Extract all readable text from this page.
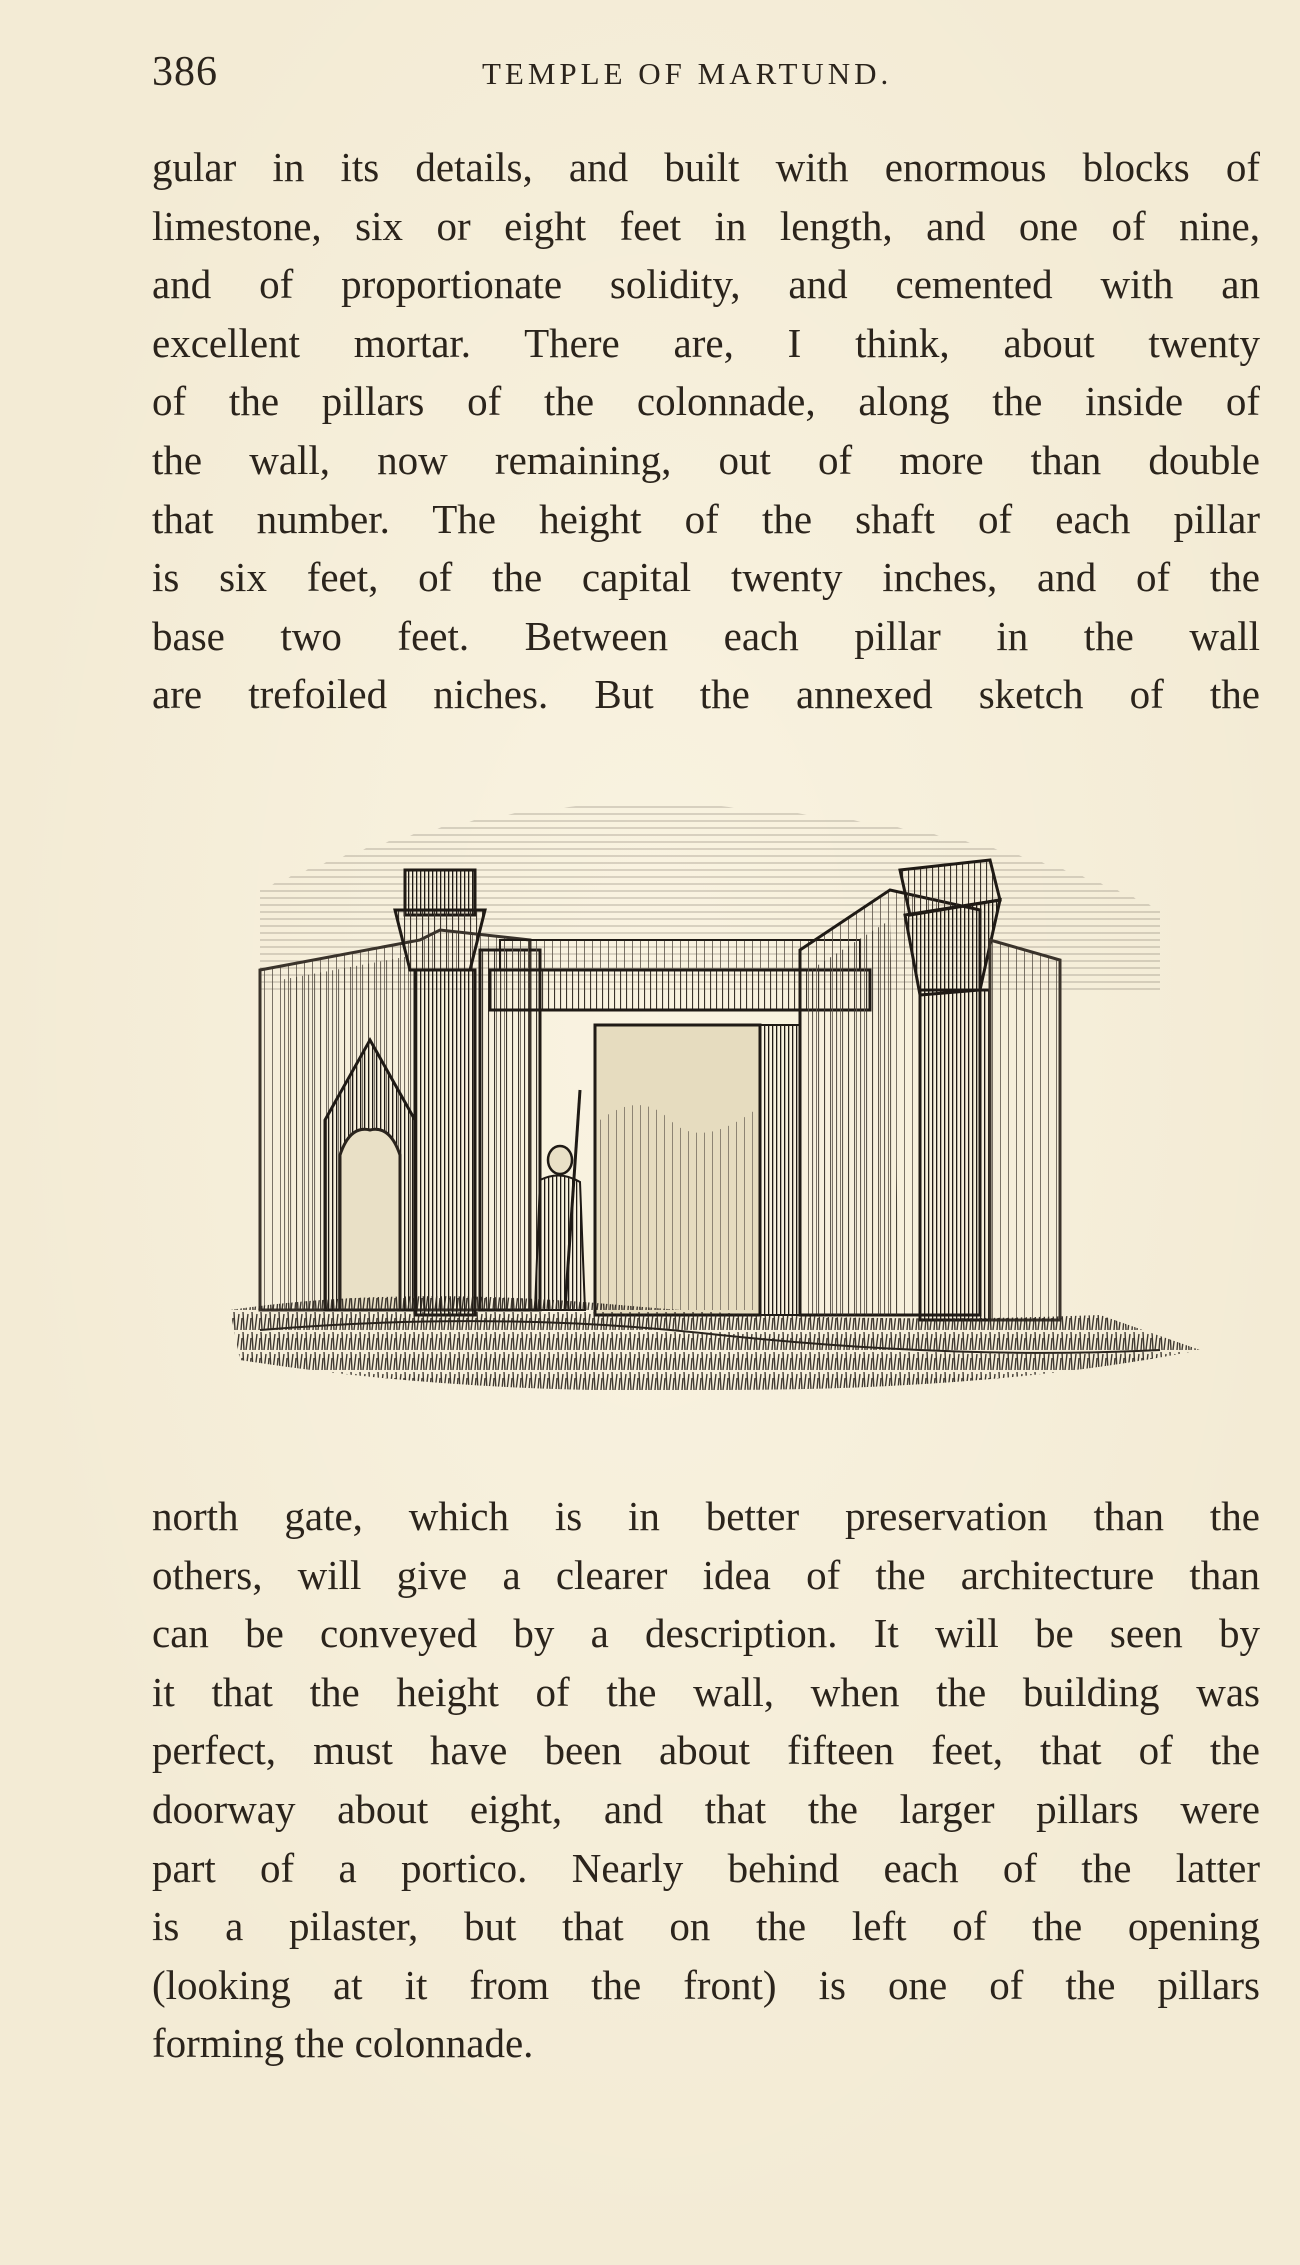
386	TEMPLE OF MARTUND.
gular in its details, and built with enormous blocks of
limestone, six or eight feet in length, and one of nine,
and of proportionate solidity, and cemented with an
excellent mortar. There are, I think, about twenty
of the pillars of the colonnade, along the inside of
the wall, now remaining, out of more than double
that number. The height of the shaft of each pillar
is six feet, of the capital twenty inches, and of the
base two feet. Between each pillar in the wall
are trefoiled niches. But the annexed sketch of the
north gate, which is in better preservation than the
others, will give a clearer idea of the architecture than
can be conveyed by a description. It will be seen by
it that the height of the wall, when the building was
perfect, must have been about fifteen feet, that of the
doorway about eight, and that the larger pillars were
part of a portico. Nearly behind each of the latter
is a pilaster, but that on the left of the opening
(looking at it from the front) is one of the pillars
forming the colonnade.
